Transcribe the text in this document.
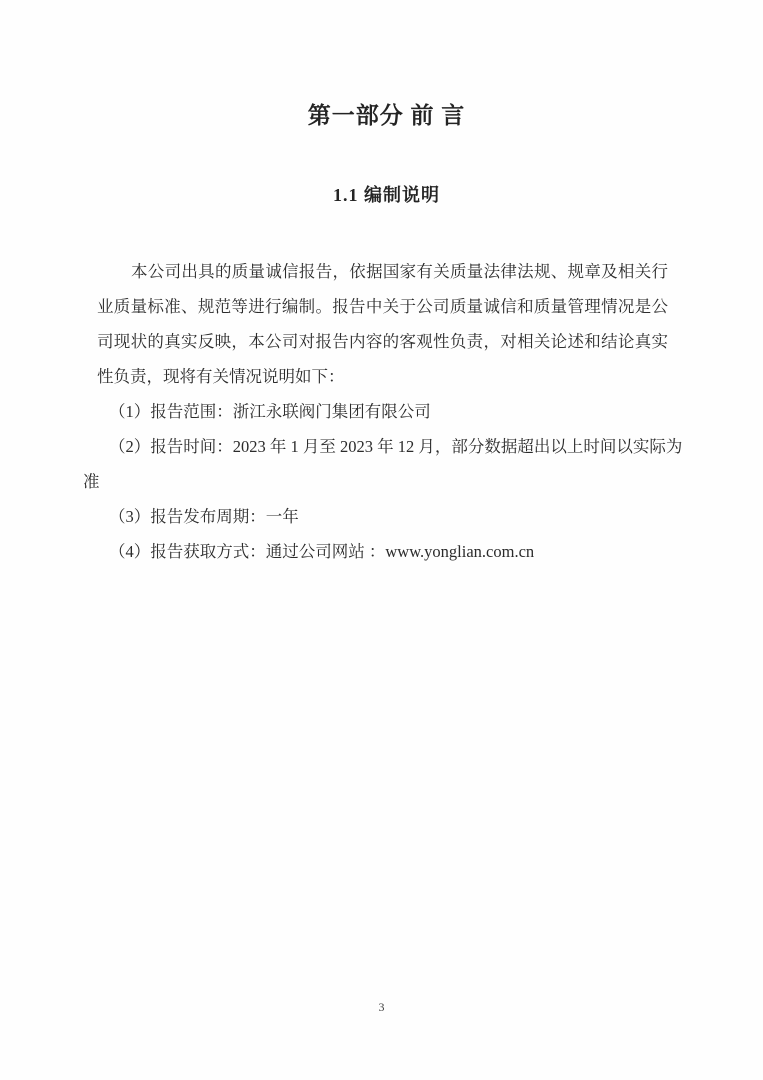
第一部分 前 言
1.1 编制说明

本公司出具的质量诚信报告，依据国家有关质量法律法规、规章及相关行业质量标准、规范等进行编制。报告中关于公司质量诚信和质量管理情况是公司现状的真实反映，本公司对报告内容的客观性负责，对相关论述和结论真实性负责，现将有关情况说明如下：

（1）报告范围：浙江永联阀门集团有限公司

（2）报告时间：2023 年 1 月至 2023 年 12 月，部分数据超出以上时间以实际为准

（3）报告发布周期：一年

（4）报告获取方式：通过公司网站 ：www.yonglian.com.cn

3
